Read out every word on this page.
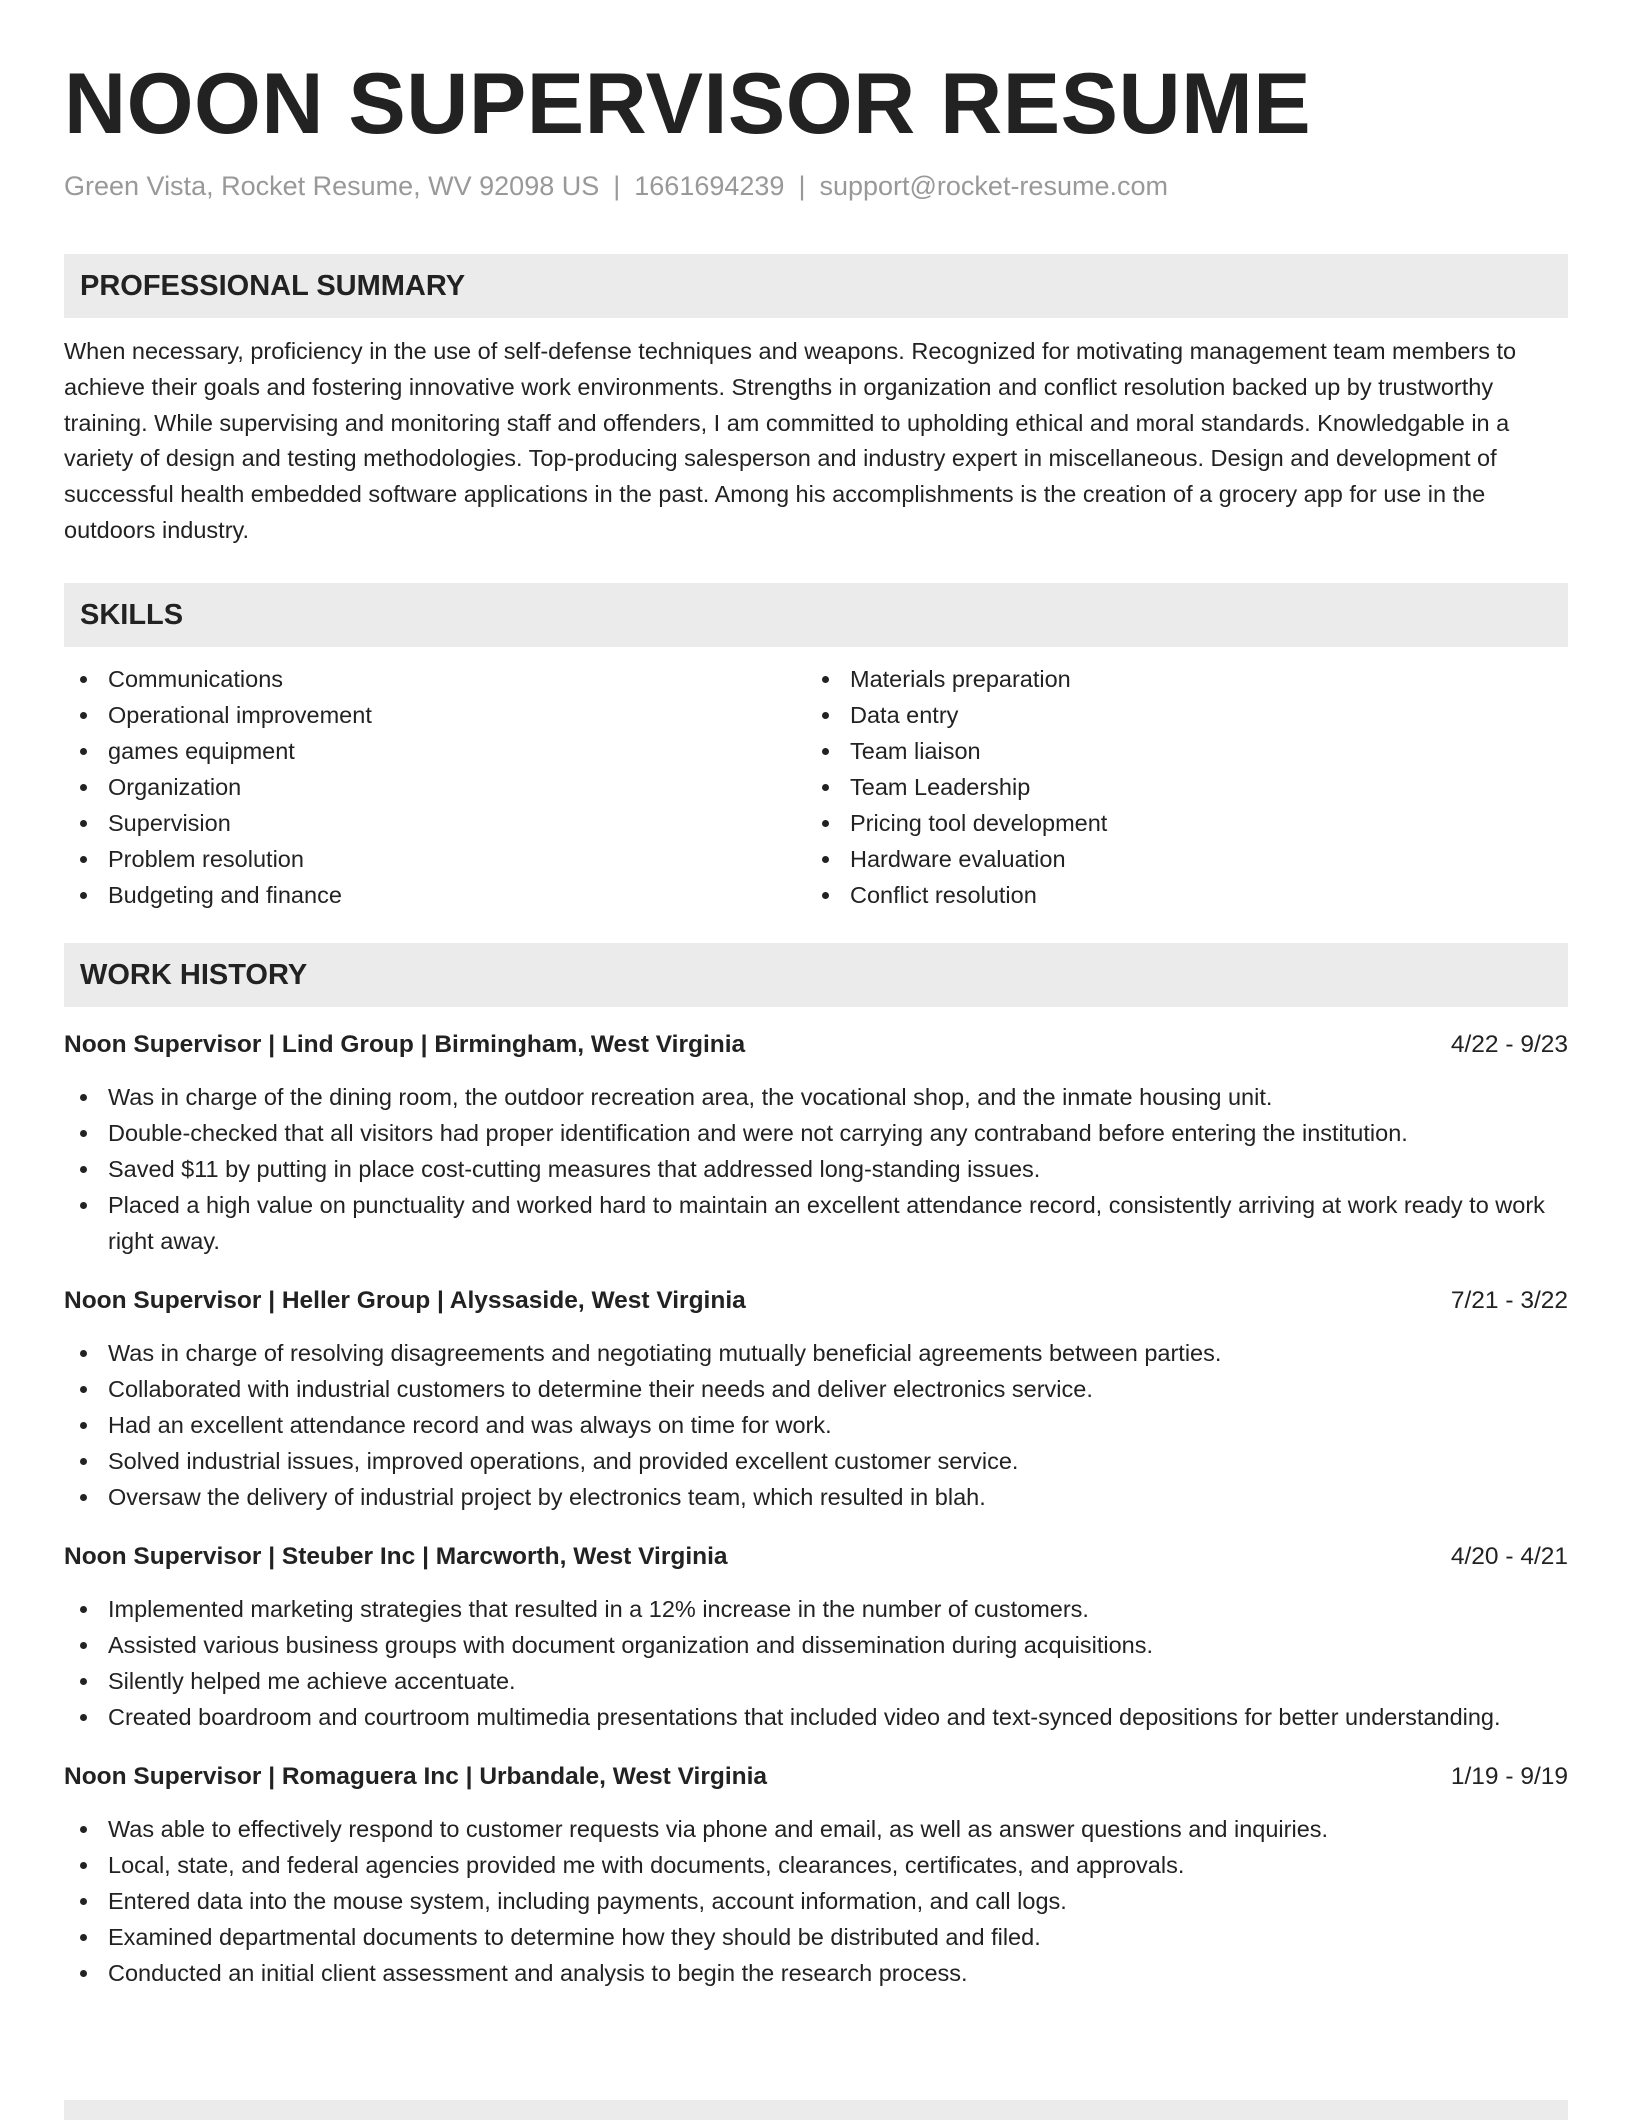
NOON SUPERVISOR RESUME
Green Vista, Rocket Resume, WV 92098 US | 1661694239 | support@rocket-resume.com
PROFESSIONAL SUMMARY

When necessary, proficiency in the use of self-defense techniques and weapons. Recognized for motivating management team members to achieve their goals and fostering innovative work environments. Strengths in organization and conflict resolution backed up by trustworthy training. While supervising and monitoring staff and offenders, I am committed to upholding ethical and moral standards. Knowledgable in a variety of design and testing methodologies. Top-producing salesperson and industry expert in miscellaneous. Design and development of successful health embedded software applications in the past. Among his accomplishments is the creation of a grocery app for use in the outdoors industry.

SKILLS
Communications
Operational improvement
games equipment
Organization
Supervision
Problem resolution
Budgeting and finance
Materials preparation
Data entry
Team liaison
Team Leadership
Pricing tool development
Hardware evaluation
Conflict resolution
WORK HISTORY
Noon Supervisor | Lind Group | Birmingham, West Virginia	4/22 - 9/23
Was in charge of the dining room, the outdoor recreation area, the vocational shop, and the inmate housing unit.
Double-checked that all visitors had proper identification and were not carrying any contraband before entering the institution.
Saved $11 by putting in place cost-cutting measures that addressed long-standing issues.
Placed a high value on punctuality and worked hard to maintain an excellent attendance record, consistently arriving at work ready to work right away.
Noon Supervisor | Heller Group | Alyssaside, West Virginia	7/21 - 3/22
Was in charge of resolving disagreements and negotiating mutually beneficial agreements between parties.
Collaborated with industrial customers to determine their needs and deliver electronics service.
Had an excellent attendance record and was always on time for work.
Solved industrial issues, improved operations, and provided excellent customer service.
Oversaw the delivery of industrial project by electronics team, which resulted in blah.
Noon Supervisor | Steuber Inc | Marcworth, West Virginia	4/20 - 4/21
Implemented marketing strategies that resulted in a 12% increase in the number of customers.
Assisted various business groups with document organization and dissemination during acquisitions.
Silently helped me achieve accentuate.
Created boardroom and courtroom multimedia presentations that included video and text-synced depositions for better understanding.
Noon Supervisor | Romaguera Inc | Urbandale, West Virginia	1/19 - 9/19
Was able to effectively respond to customer requests via phone and email, as well as answer questions and inquiries.
Local, state, and federal agencies provided me with documents, clearances, certificates, and approvals.
Entered data into the mouse system, including payments, account information, and call logs.
Examined departmental documents to determine how they should be distributed and filed.
Conducted an initial client assessment and analysis to begin the research process.
